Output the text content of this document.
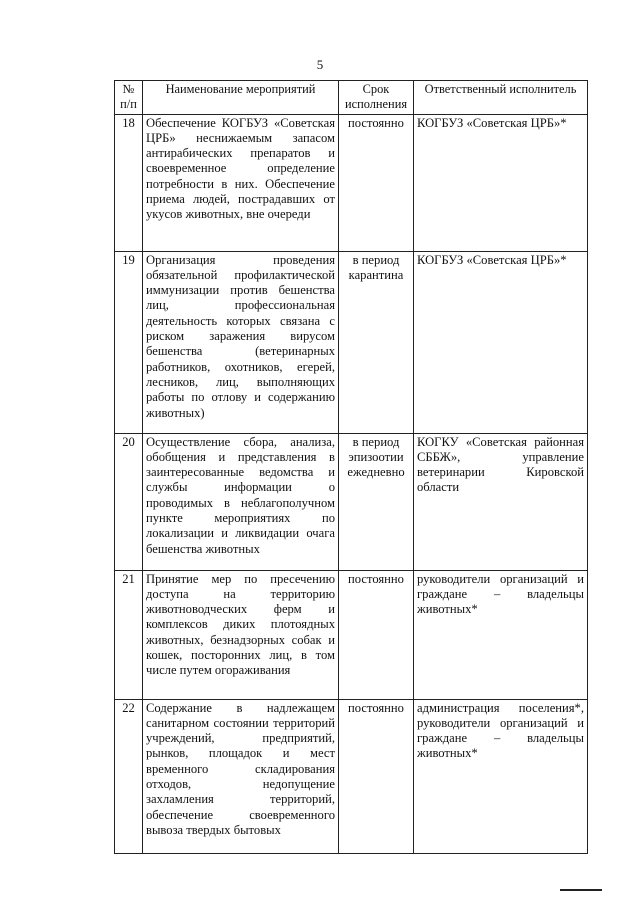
5
№ п/п	Наименование мероприятий	Срок исполнения	Ответственный исполнитель
18	Обеспечение КОГБУЗ «Советская ЦРБ» неснижаемым запасом антирабических препаратов и своевременное определение потребности в них. Обеспечение приема людей, пострадавших от укусов животных, вне очереди	постоянно	КОГБУЗ «Советская ЦРБ»*
19	Организация проведения обязательной профилактической иммунизации против бешенства лиц, профессиональная деятельность которых связана с риском заражения вирусом бешенства (ветеринарных работников, охотников, егерей, лесников, лиц, выполняющих работы по отлову и содержанию животных)	в период карантина	КОГБУЗ «Советская ЦРБ»*
20	Осуществление сбора, анализа, обобщения и представления в заинтересованные ведомства и службы информации о проводимых в неблагополучном пункте мероприятиях по локализации и ликвидации очага бешенства животных	в период эпизоотии ежедневно	КОГКУ «Советская районная СББЖ», управление ветеринарии Кировской области
21	Принятие мер по пресечению доступа на территорию животноводческих ферм и комплексов диких плотоядных животных, безнадзорных собак и кошек, посторонних лиц, в том числе путем огораживания	постоянно	руководители организаций и граждане – владельцы животных*
22	Содержание в надлежащем санитарном состоянии территорий учреждений, предприятий, рынков, площадок и мест временного складирования отходов, недопущение захламления территорий, обеспечение своевременного вывоза твердых бытовых	постоянно	администрация поселения*, руководители организаций и граждане – владельцы животных*
